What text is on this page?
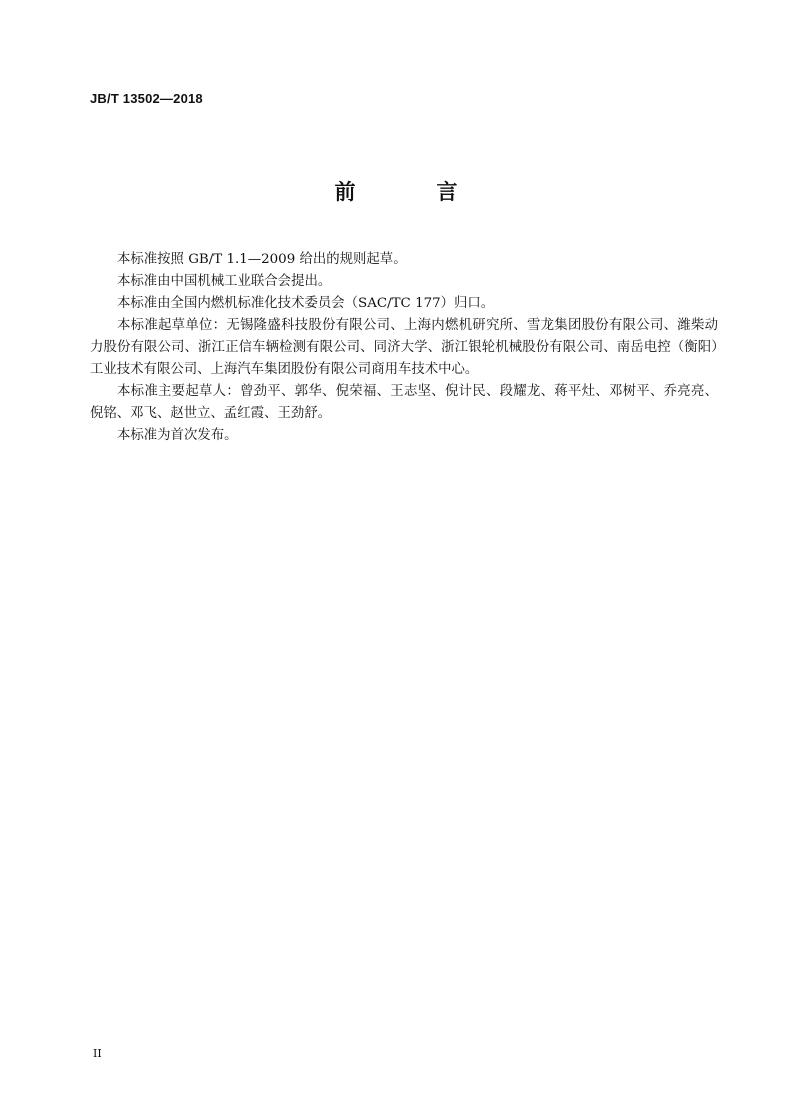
JB/T 13502—2018
前　言

本标准按照 GB/T 1.1—2009 给出的规则起草。

本标准由中国机械工业联合会提出。

本标准由全国内燃机标准化技术委员会（SAC/TC 177）归口。

本标准起草单位：无锡隆盛科技股份有限公司、上海内燃机研究所、雪龙集团股份有限公司、潍柴动力股份有限公司、浙江正信车辆检测有限公司、同济大学、浙江银轮机械股份有限公司、南岳电控（衡阳）工业技术有限公司、上海汽车集团股份有限公司商用车技术中心。

本标准主要起草人：曾劲平、郭华、倪荣福、王志坚、倪计民、段耀龙、蒋平灶、邓树平、乔亮亮、倪铭、邓飞、赵世立、孟红霞、王劲舒。

本标准为首次发布。

II
